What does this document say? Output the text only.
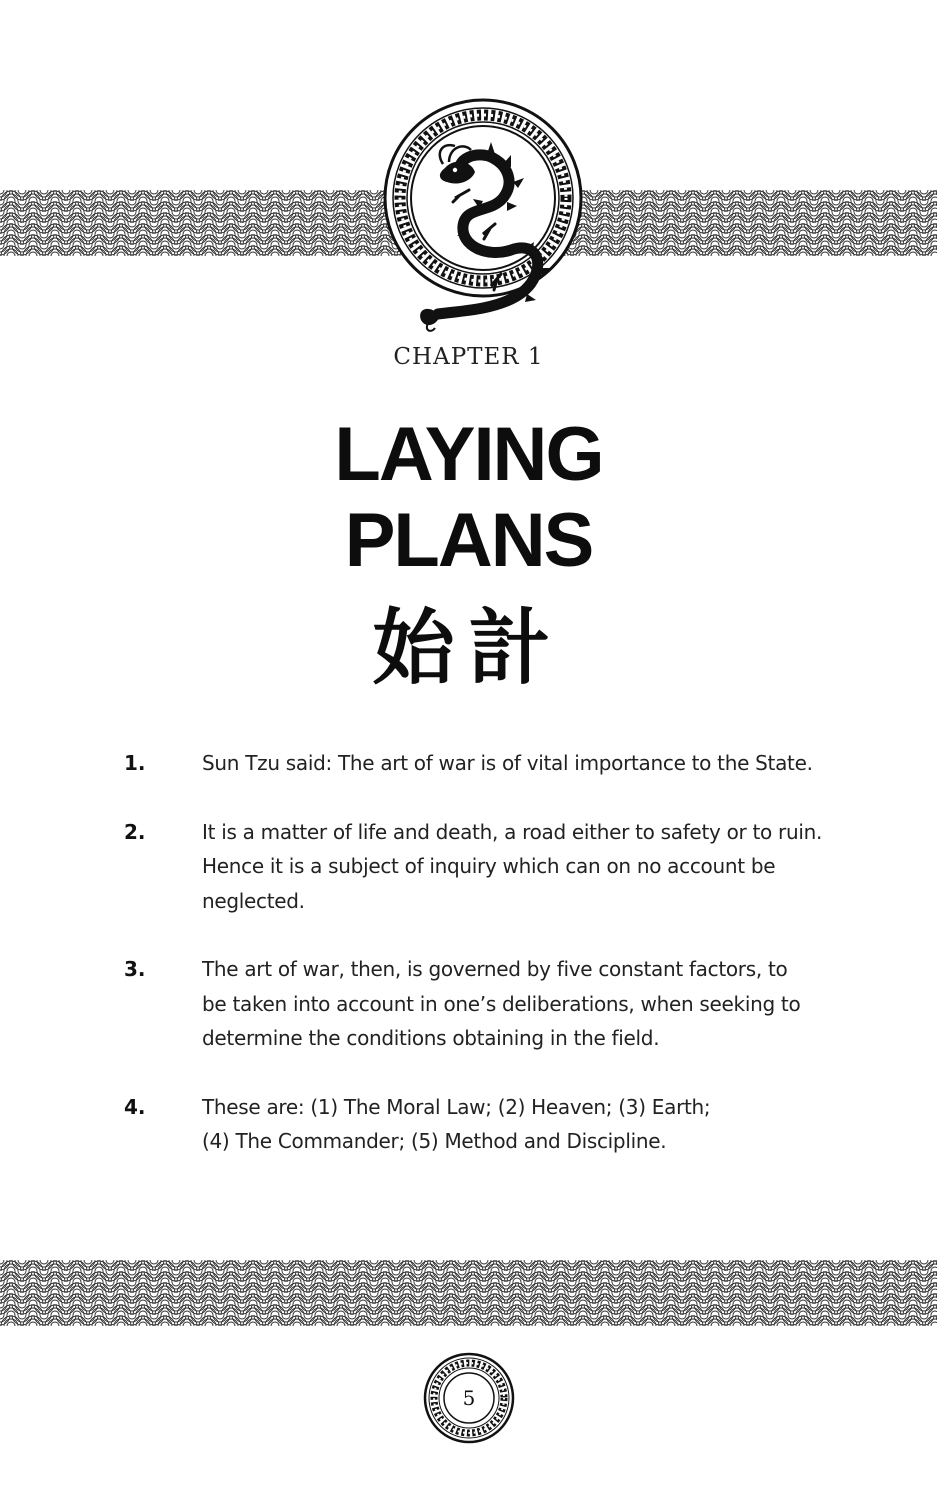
CHAPTER 1
LAYING
PLANS
始計
1.	Sun Tzu said: The art of war is of vital importance to the State.
2.	It is a matter of life and death, a road either to safety or to ruin.
Hence it is a subject of inquiry which can on no account be
neglected.
3.	The art of war, then, is governed by five constant factors, to
be taken into account in one’s deliberations, when seeking to
determine the conditions obtaining in the field.
4.	These are: (1) The Moral Law; (2) Heaven; (3) Earth;
(4) The Commander; (5) Method and Discipline.
5
